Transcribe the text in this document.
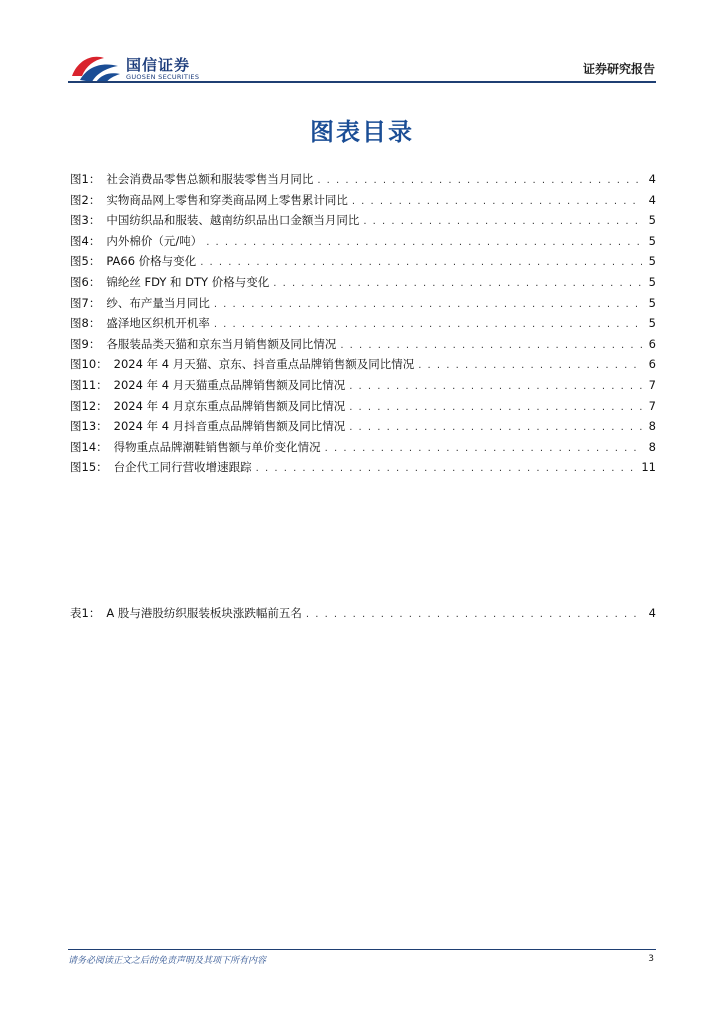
国信证券
GUOSEN SECURITIES
证券研究报告
图表目录
图1： 社会消费品零售总额和服装零售当月同比 . . .	4
图2： 实物商品网上零售和穿类商品网上零售累计同比 . . .	4
图3： 中国纺织品和服装、越南纺织品出口金额当月同比 . . .	5
图4： 内外棉价（元/吨） . . .	5
图5： PA66 价格与变化 . . .	5
图6： 锦纶丝 FDY 和 DTY 价格与变化 . . .	5
图7： 纱、布产量当月同比 . . .	5
图8： 盛泽地区织机开机率 . . .	5
图9： 各服装品类天猫和京东当月销售额及同比情况 . . .	6
图10： 2024 年 4 月天猫、京东、抖音重点品牌销售额及同比情况 . . .	6
图11： 2024 年 4 月天猫重点品牌销售额及同比情况 . . .	7
图12： 2024 年 4 月京东重点品牌销售额及同比情况 . . .	7
图13： 2024 年 4 月抖音重点品牌销售额及同比情况 . . .	8
图14： 得物重点品牌潮鞋销售额与单价变化情况 . . .	8
图15： 台企代工同行营收增速跟踪 . . .	11
表1： A 股与港股纺织服装板块涨跌幅前五名 . . .	4
请务必阅读正文之后的免责声明及其项下所有内容	3
